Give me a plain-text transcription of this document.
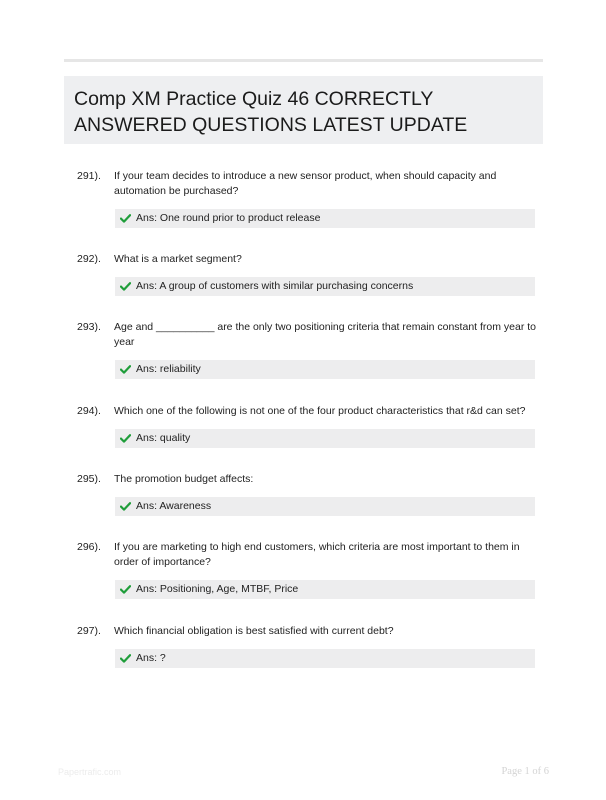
Comp XM Practice Quiz 46 CORRECTLY ANSWERED QUESTIONS LATEST UPDATE
291). If your team decides to introduce a new sensor product, when should capacity and automation be purchased?
Ans: One round prior to product release
292). What is a market segment?
Ans: A group of customers with similar purchasing concerns
293). Age and __________ are the only two positioning criteria that remain constant from year to year
Ans: reliability
294). Which one of the following is not one of the four product characteristics that r&d can set?
Ans: quality
295). The promotion budget affects:
Ans: Awareness
296). If you are marketing to high end customers, which criteria are most important to them in order of importance?
Ans: Positioning, Age, MTBF, Price
297). Which financial obligation is best satisfied with current debt?
Ans: ?
Papertrafic.com	Page 1 of 6
